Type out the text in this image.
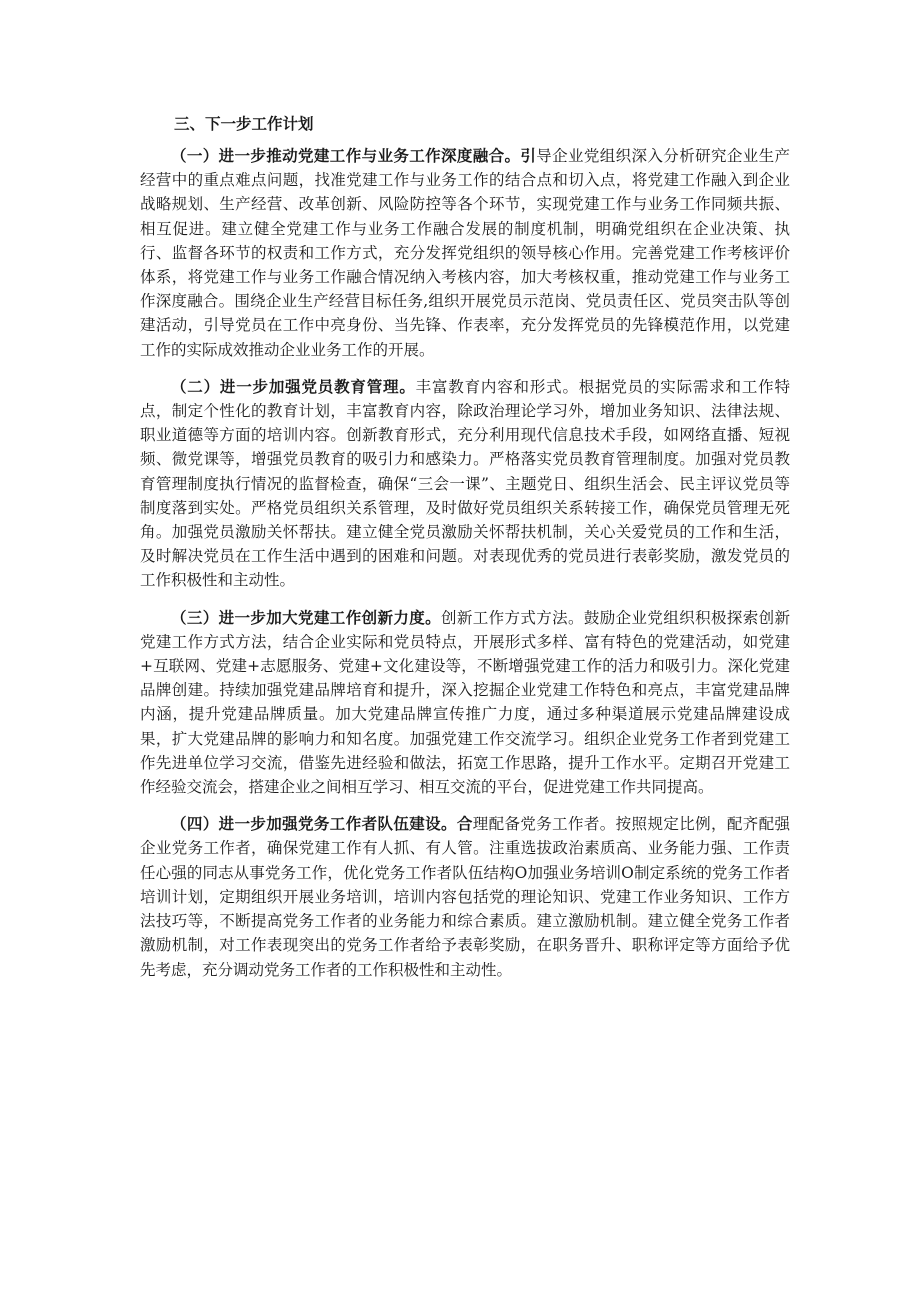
三、下一步工作计划

（一）进一步推动党建工作与业务工作深度融合。引导企业党组织深入分析研究企业生产经营中的重点难点问题，找准党建工作与业务工作的结合点和切入点，将党建工作融入到企业战略规划、生产经营、改革创新、风险防控等各个环节，实现党建工作与业务工作同频共振、相互促进。建立健全党建工作与业务工作融合发展的制度机制，明确党组织在企业决策、执行、监督各环节的权责和工作方式，充分发挥党组织的领导核心作用。完善党建工作考核评价体系，将党建工作与业务工作融合情况纳入考核内容，加大考核权重，推动党建工作与业务工作深度融合。围绕企业生产经营目标任务,组织开展党员示范岗、党员责任区、党员突击队等创建活动，引导党员在工作中亮身份、当先锋、作表率，充分发挥党员的先锋模范作用，以党建工作的实际成效推动企业业务工作的开展。

（二）进一步加强党员教育管理。丰富教育内容和形式。根据党员的实际需求和工作特点，制定个性化的教育计划，丰富教育内容，除政治理论学习外，增加业务知识、法律法规、职业道德等方面的培训内容。创新教育形式，充分利用现代信息技术手段，如网络直播、短视频、微党课等，增强党员教育的吸引力和感染力。严格落实党员教育管理制度。加强对党员教育管理制度执行情况的监督检查，确保“三会一课”、主题党日、组织生活会、民主评议党员等制度落到实处。严格党员组织关系管理，及时做好党员组织关系转接工作，确保党员管理无死角。加强党员激励关怀帮扶。建立健全党员激励关怀帮扶机制，关心关爱党员的工作和生活，及时解决党员在工作生活中遇到的困难和问题。对表现优秀的党员进行表彰奖励，激发党员的工作积极性和主动性。

（三）进一步加大党建工作创新力度。创新工作方式方法。鼓励企业党组织积极探索创新党建工作方式方法，结合企业实际和党员特点，开展形式多样、富有特色的党建活动，如党建+互联网、党建+志愿服务、党建+文化建设等，不断增强党建工作的活力和吸引力。深化党建品牌创建。持续加强党建品牌培育和提升，深入挖掘企业党建工作特色和亮点，丰富党建品牌内涵，提升党建品牌质量。加大党建品牌宣传推广力度，通过多种渠道展示党建品牌建设成果，扩大党建品牌的影响力和知名度。加强党建工作交流学习。组织企业党务工作者到党建工作先进单位学习交流，借鉴先进经验和做法，拓宽工作思路，提升工作水平。定期召开党建工作经验交流会，搭建企业之间相互学习、相互交流的平台，促进党建工作共同提高。

（四）进一步加强党务工作者队伍建设。合理配备党务工作者。按照规定比例，配齐配强企业党务工作者，确保党建工作有人抓、有人管。注重选拔政治素质高、业务能力强、工作责任心强的同志从事党务工作，优化党务工作者队伍结构O加强业务培训O制定系统的党务工作者培训计划，定期组织开展业务培训，培训内容包括党的理论知识、党建工作业务知识、工作方法技巧等，不断提高党务工作者的业务能力和综合素质。建立激励机制。建立健全党务工作者激励机制，对工作表现突出的党务工作者给予表彰奖励，在职务晋升、职称评定等方面给予优先考虑，充分调动党务工作者的工作积极性和主动性。
